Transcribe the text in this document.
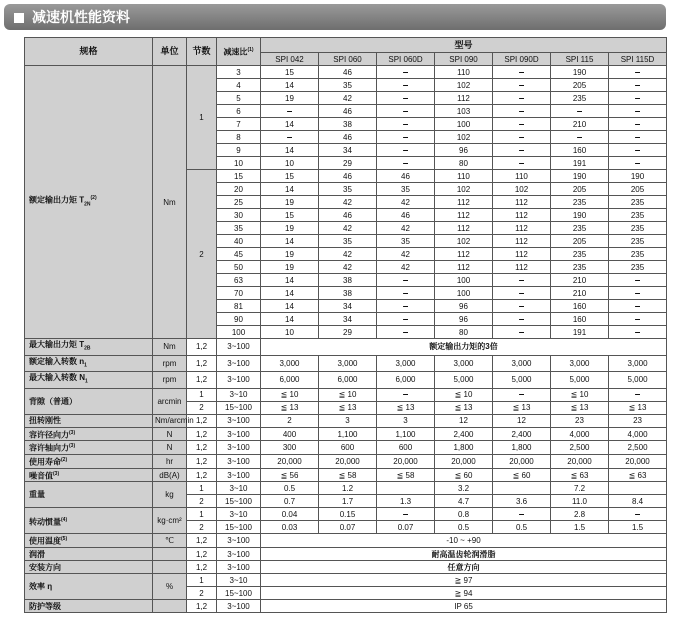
减速机性能资料
规格	单位	节数	减速比$^{(1)}$	型号						
				SPI 042	SPI 060	SPI 060D	SPI 090	SPI 090D	SPI 115	SPI 115D
额定输出力矩 $T_{2N}^{(2)}$	Nm	1	3	15	46	–	110	–	190	–
			4	14	35	–	102	–	205	–
			5	19	42	–	112	–	235	–
			6	–	46	–	103	–	–	–
			7	14	38	–	100	–	210	–
			8	–	46	–	102	–	–	–
			9	14	34	–	96	–	160	–
			10	10	29	–	80	–	191	–
		2	15	15	46	46	110	110	190	190
			20	14	35	35	102	102	205	205
			25	19	42	42	112	112	235	235
			30	15	46	46	112	112	190	235
			35	19	42	42	112	112	235	235
			40	14	35	35	102	112	205	235
			45	19	42	42	112	112	235	235
			50	19	42	42	112	112	235	235
			63	14	38	–	100	–	210	–
			70	14	38	–	100	–	210	–
			81	14	34	–	96	–	160	–
			90	14	34	–	96	–	160	–
			100	10	29	–	80	–	191	–
最大输出力矩 $T_{2B}$	Nm	1,2	3~100	额定输出力矩的3倍						
额定输入转数 $n_1$	rpm	1,2	3~100	3,000	3,000	3,000	3,000	3,000	3,000	3,000
最大输入转数 $N_1$	rpm	1,2	3~100	6,000	6,000	6,000	5,000	5,000	5,000	5,000
背隙（普通）	arcmin	1	3~10	≦ 10	≦ 10	–	≦ 10	–	≦ 10	–
		2	15~100	≦ 13	≦ 13	≦ 13	≦ 13	≦ 13	≦ 13	≦ 13
扭转刚性	Nm/arcmin	1,2	3~100	2	3	3	12	12	23	23
容许径向力$^{(3)}$	N	1,2	3~100	400	1,100	1,100	2,400	2,400	4,000	4,000
容许轴向力$^{(3)}$	N	1,2	3~100	300	600	600	1,800	1,800	2,500	2,500
使用寿命$^{(2)}$	hr	1,2	3~100	20,000	20,000	20,000	20,000	20,000	20,000	20,000
噪音值$^{(3)}$	dB(A)	1,2	3~100	≦ 56	≦ 58	≦ 58	≦ 60	≦ 60	≦ 63	≦ 63
重量	kg	1	3~10	0.5	1.2		3.2		7.2	
		2	15~100	0.7	1.7	1.3	4.7	3.6	11.0	8.4
转动惯量$^{(4)}$	kg·cm²	1	3~10	0.04	0.15	–	0.8	–	2.8	–
		2	15~100	0.03	0.07	0.07	0.5	0.5	1.5	1.5
使用温度$^{(5)}$	℃	1,2	3~100	-10 ~ +90						
润滑		1,2	3~100	耐高温齿轮润滑脂						
安装方向		1,2	3~100	任意方向						
效率 η	%	1	3~10	≧ 97						
		2	15~100	≧ 94						
防护等级		1,2	3~100	IP 65						
